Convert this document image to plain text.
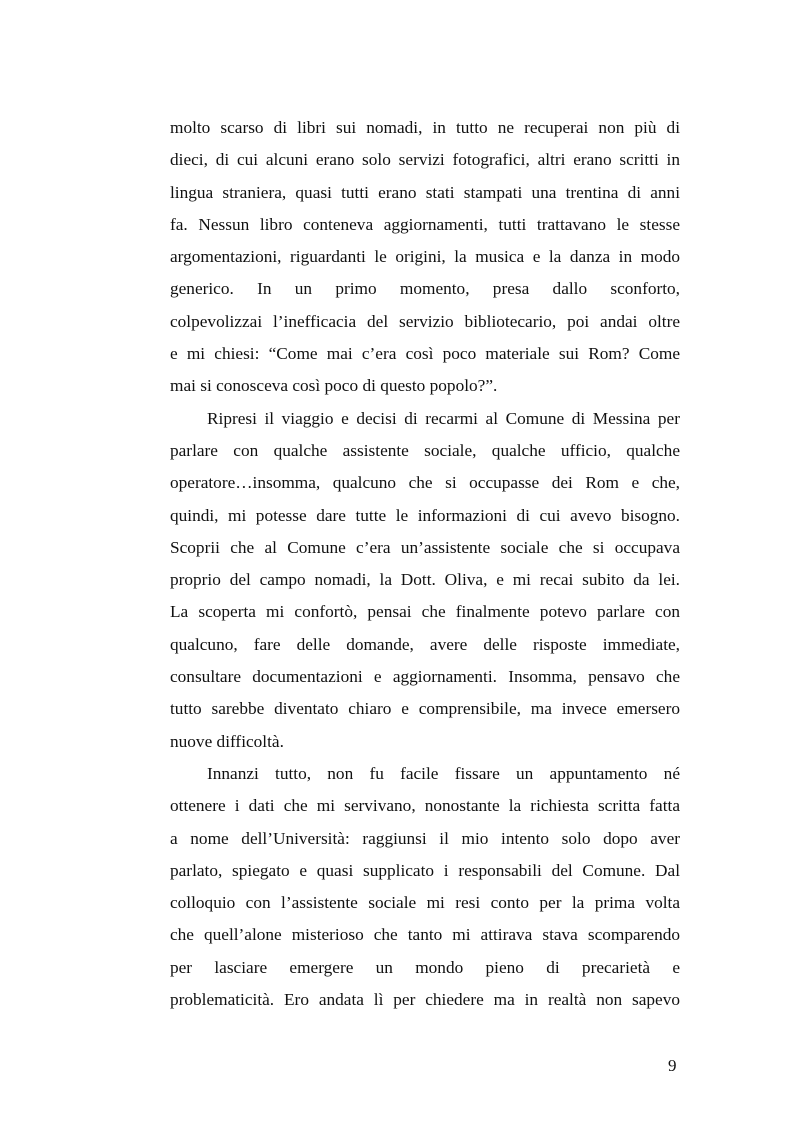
molto scarso di libri sui nomadi, in tutto ne recuperai non più di
dieci, di cui alcuni erano solo servizi fotografici, altri erano scritti in
lingua straniera, quasi tutti erano stati stampati una trentina di anni
fa. Nessun libro conteneva aggiornamenti, tutti trattavano le stesse
argomentazioni, riguardanti le origini, la musica e la danza in modo
generico. In un primo momento, presa dallo sconforto,
colpevolizzai l’inefficacia del servizio bibliotecario, poi andai oltre
e mi chiesi: “Come mai c’era così poco materiale sui Rom? Come
mai si conosceva così poco di questo popolo?”.
Ripresi il viaggio e decisi di recarmi al Comune di Messina per
parlare con qualche assistente sociale, qualche ufficio, qualche
operatore…insomma, qualcuno che si occupasse dei Rom e che,
quindi, mi potesse dare tutte le informazioni di cui avevo bisogno.
Scoprii che al Comune c’era un’assistente sociale che si occupava
proprio del campo nomadi, la Dott. Oliva, e mi recai subito da lei.
La scoperta mi confortò, pensai che finalmente potevo parlare con
qualcuno, fare delle domande, avere delle risposte immediate,
consultare documentazioni e aggiornamenti. Insomma, pensavo che
tutto sarebbe diventato chiaro e comprensibile, ma invece emersero
nuove difficoltà.
Innanzi tutto, non fu facile fissare un appuntamento né
ottenere i dati che mi servivano, nonostante la richiesta scritta fatta
a nome dell’Università: raggiunsi il mio intento solo dopo aver
parlato, spiegato e quasi supplicato i responsabili del Comune. Dal
colloquio con l’assistente sociale mi resi conto per la prima volta
che quell’alone misterioso che tanto mi attirava stava scomparendo
per lasciare emergere un mondo pieno di precarietà e
problematicità. Ero andata lì per chiedere ma in realtà non sapevo
9
